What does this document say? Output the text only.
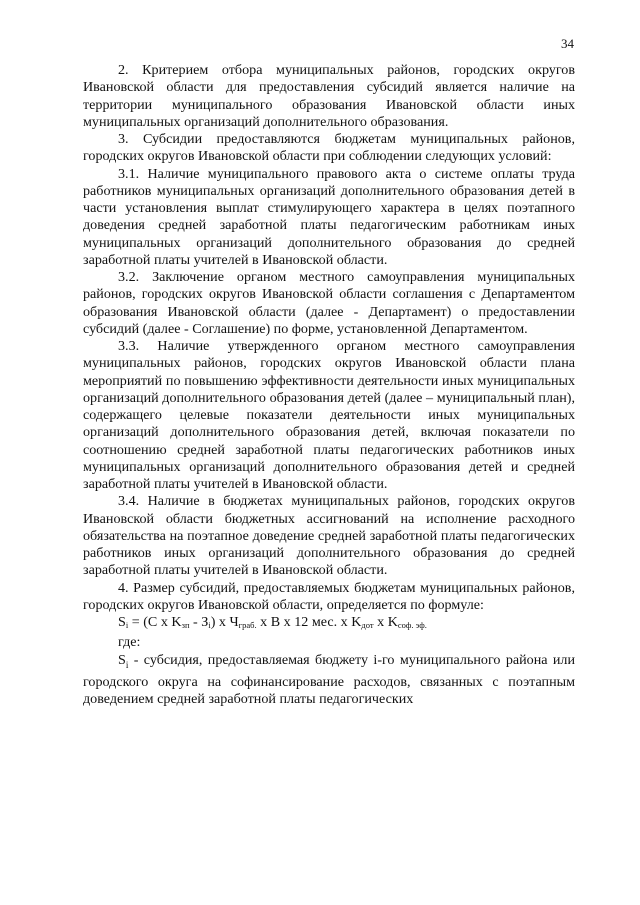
34

2. Критерием отбора муниципальных районов, городских округов Ивановской области для предоставления субсидий является наличие на территории муниципального образования Ивановской области иных муниципальных организаций дополнительного образования.

3. Субсидии предоставляются бюджетам муниципальных районов, городских округов Ивановской области при соблюдении следующих условий:

3.1. Наличие муниципального правового акта о системе оплаты труда работников муниципальных организаций дополнительного образования детей в части установления выплат стимулирующего характера в целях поэтапного доведения средней заработной платы педагогическим работникам иных муниципальных организаций дополнительного образования до средней заработной платы учителей в Ивановской области.

3.2. Заключение органом местного самоуправления муниципальных районов, городских округов Ивановской области соглашения с Департаментом образования Ивановской области (далее - Департамент) о предоставлении субсидий (далее - Соглашение) по форме, установленной Департаментом.

3.3. Наличие утвержденного органом местного самоуправления муниципальных районов, городских округов Ивановской области плана мероприятий по повышению эффективности деятельности иных муниципальных организаций дополнительного образования детей (далее – муниципальный план), содержащего целевые показатели деятельности иных муниципальных организаций дополнительного образования детей, включая показатели по соотношению средней заработной платы педагогических работников иных муниципальных организаций дополнительного образования детей и средней заработной платы учителей в Ивановской области.

3.4. Наличие в бюджетах муниципальных районов, городских округов Ивановской области бюджетных ассигнований на исполнение расходного обязательства на поэтапное доведение средней заработной платы педагогических работников иных организаций дополнительного образования до средней заработной платы учителей в Ивановской области.

4. Размер субсидий, предоставляемых бюджетам муниципальных районов, городских округов Ивановской области, определяется по формуле:

$S_i = (C$ x $K_{зп} - З_i$) x $Ч_{граб.}$ x B x 12 мес. x $K_{дот}$ x $K_{соф. эф.}$

где:

$S_i$ - субсидия, предоставляемая бюджету i-го муниципального района или городского округа на софинансирование расходов, связанных с поэтапным доведением средней заработной платы педагогических
